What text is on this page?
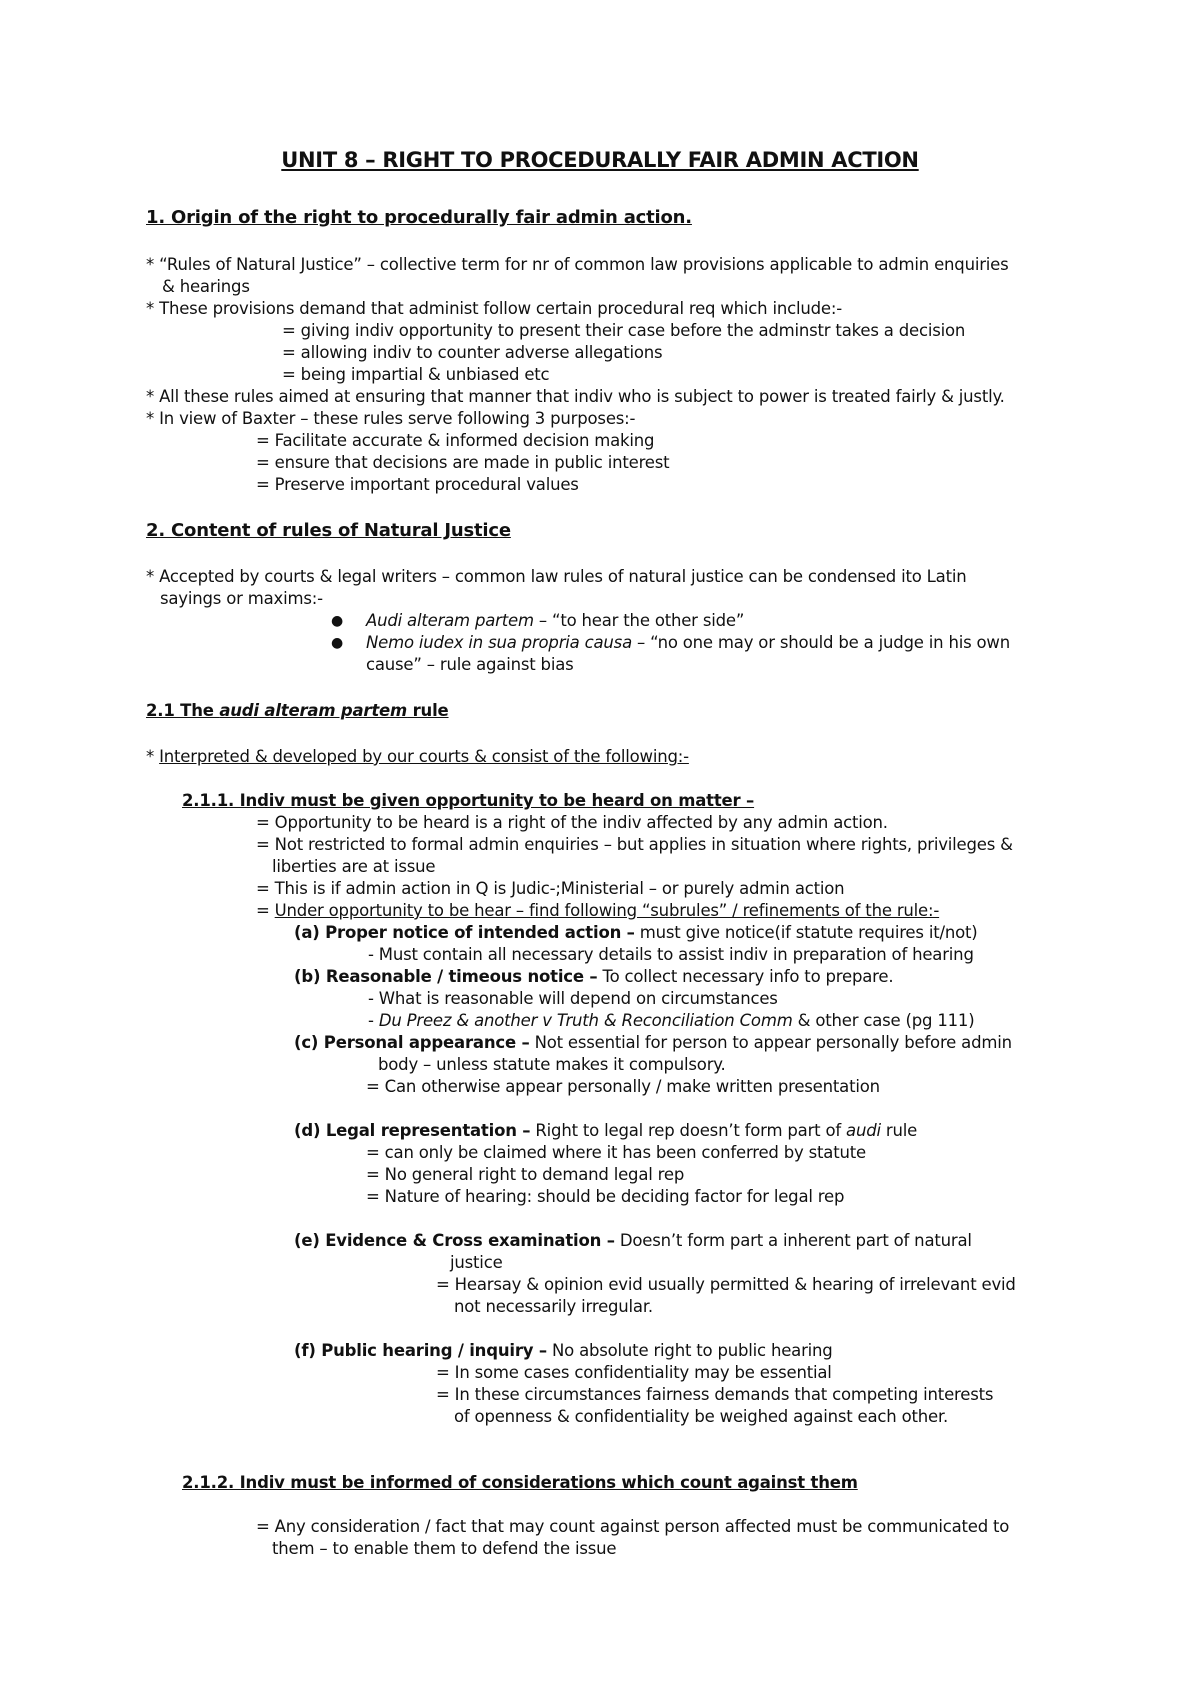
UNIT 8 – RIGHT TO PROCEDURALLY FAIR ADMIN ACTION
1. Origin of the right to procedurally fair admin action.
* “Rules of Natural Justice” – collective term for nr of common law provisions applicable to admin enquiries
& hearings
* These provisions demand that administ follow certain procedural req which include:-
= giving indiv opportunity to present their case before the adminstr takes a decision
= allowing indiv to counter adverse allegations
= being impartial & unbiased etc
* All these rules aimed at ensuring that manner that indiv who is subject to power is treated fairly & justly.
* In view of Baxter – these rules serve following 3 purposes:-
= Facilitate accurate & informed decision making
= ensure that decisions are made in public interest
= Preserve important procedural values
2. Content of rules of Natural Justice
* Accepted by courts & legal writers – common law rules of natural justice can be condensed ito Latin
sayings or maxims:-
● Audi alteram partem – “to hear the other side”
● Nemo iudex in sua propria causa – “no one may or should be a judge in his own
cause” – rule against bias
2.1 The audi alteram partem rule
* Interpreted & developed by our courts & consist of the following:-
2.1.1. Indiv must be given opportunity to be heard on matter –
= Opportunity to be heard is a right of the indiv affected by any admin action.
= Not restricted to formal admin enquiries – but applies in situation where rights, privileges &
liberties are at issue
= This is if admin action in Q is Judic-;Ministerial – or purely admin action
= Under opportunity to be hear – find following “subrules” / refinements of the rule:-
(a) Proper notice of intended action – must give notice(if statute requires it/not)
- Must contain all necessary details to assist indiv in preparation of hearing
(b) Reasonable / timeous notice – To collect necessary info to prepare.
- What is reasonable will depend on circumstances
- Du Preez & another v Truth & Reconciliation Comm & other case (pg 111)
(c) Personal appearance – Not essential for person to appear personally before admin
body – unless statute makes it compulsory.
= Can otherwise appear personally / make written presentation
(d) Legal representation – Right to legal rep doesn’t form part of audi rule
= can only be claimed where it has been conferred by statute
= No general right to demand legal rep
= Nature of hearing: should be deciding factor for legal rep
(e) Evidence & Cross examination – Doesn’t form part a inherent part of natural
justice
= Hearsay & opinion evid usually permitted & hearing of irrelevant evid
not necessarily irregular.
(f) Public hearing / inquiry – No absolute right to public hearing
= In some cases confidentiality may be essential
= In these circumstances fairness demands that competing interests
of openness & confidentiality be weighed against each other.
2.1.2. Indiv must be informed of considerations which count against them
= Any consideration / fact that may count against person affected must be communicated to
them – to enable them to defend the issue
